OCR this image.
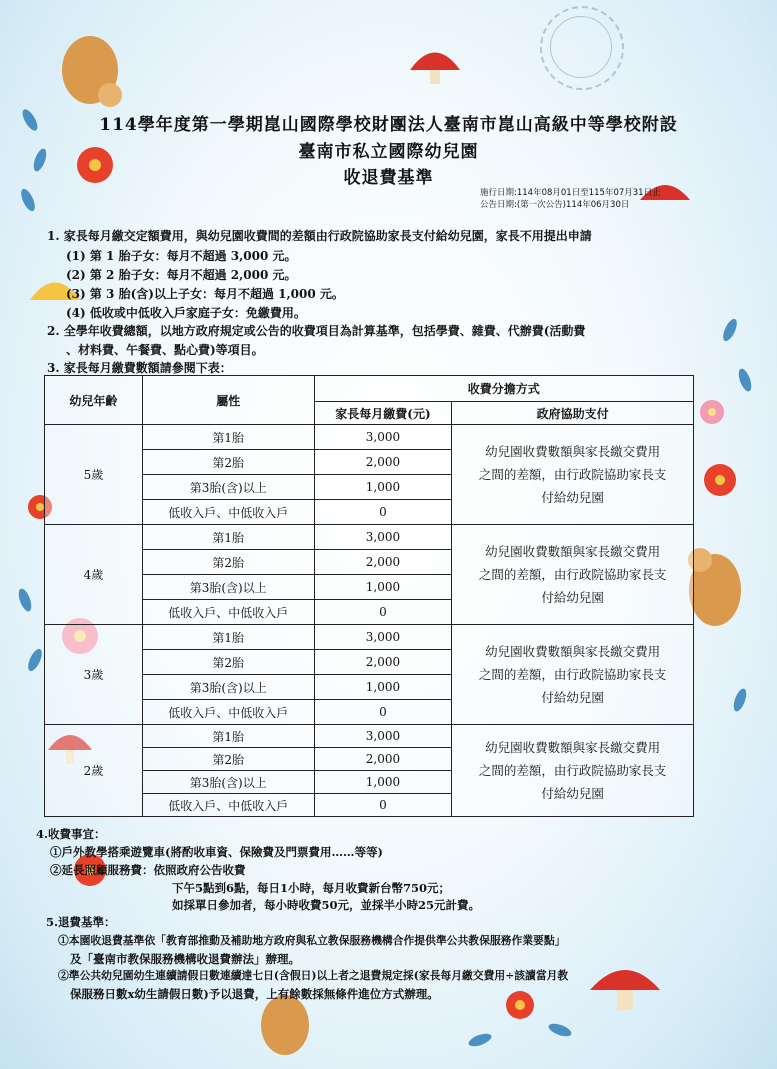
114學年度第一學期崑山國際學校財團法人臺南市崑山高級中等學校附設
臺南市私立國際幼兒園
收退費基準
施行日期:114年08月01日至115年07月31日止
公告日期:(第一次公告)114年06月30日
1. 家長每月繳交定額費用，與幼兒園收費間的差額由行政院協助家長支付給幼兒園，家長不用提出申請
(1) 第 1 胎子女：每月不超過 3,000 元。
(2) 第 2 胎子女：每月不超過 2,000 元。
(3) 第 3 胎(含)以上子女：每月不超過 1,000 元。
(4) 低收或中低收入戶家庭子女：免繳費用。
2. 全學年收費總額，以地方政府規定或公告的收費項目為計算基準，包括學費、雜費、代辦費(活動費
、材料費、午餐費、點心費)等項目。
3. 家長每月繳費數額請參閱下表：
幼兒年齡	屬性	收費分擔方式	
		家長每月繳費(元)	政府協助支付
5歲	第1胎	3,000	幼兒園收費數額與家長繳交費用
之間的差額，由行政院協助家長支
付給幼兒園

	第2胎	2,000	
	第3胎(含)以上	1,000	
	低收入戶、中低收入戶	0	
4歲	第1胎	3,000	幼兒園收費數額與家長繳交費用
之間的差額，由行政院協助家長支
付給幼兒園

	第2胎	2,000	
	第3胎(含)以上	1,000	
	低收入戶、中低收入戶	0	
3歲	第1胎	3,000	幼兒園收費數額與家長繳交費用
之間的差額，由行政院協助家長支
付給幼兒園

	第2胎	2,000	
	第3胎(含)以上	1,000	
	低收入戶、中低收入戶	0	
2歲	第1胎	3,000	幼兒園收費數額與家長繳交費用
之間的差額，由行政院協助家長支
付給幼兒園

	第2胎	2,000	
	第3胎(含)以上	1,000	
	低收入戶、中低收入戶	0	
4.收費事宜：
①戶外教學搭乘遊覽車(將酌收車資、保險費及門票費用……等等)
②延長照顧服務費：依照政府公告收費
下午5點到6點，每日1小時，每月收費新台幣750元；
如採單日參加者，每小時收費50元，並採半小時25元計費。
5.退費基準：
①本園收退費基準依「教育部推動及補助地方政府與私立教保服務機構合作提供準公共教保服務作業要點」
及「臺南市教保服務機構收退費辦法」辦理。
②準公共幼兒園幼生連續請假日數連續達七日(含假日)以上者之退費規定採(家長每月繳交費用÷該讀當月教
保服務日數x幼生請假日數)予以退費，上有餘數採無條件進位方式辦理。
